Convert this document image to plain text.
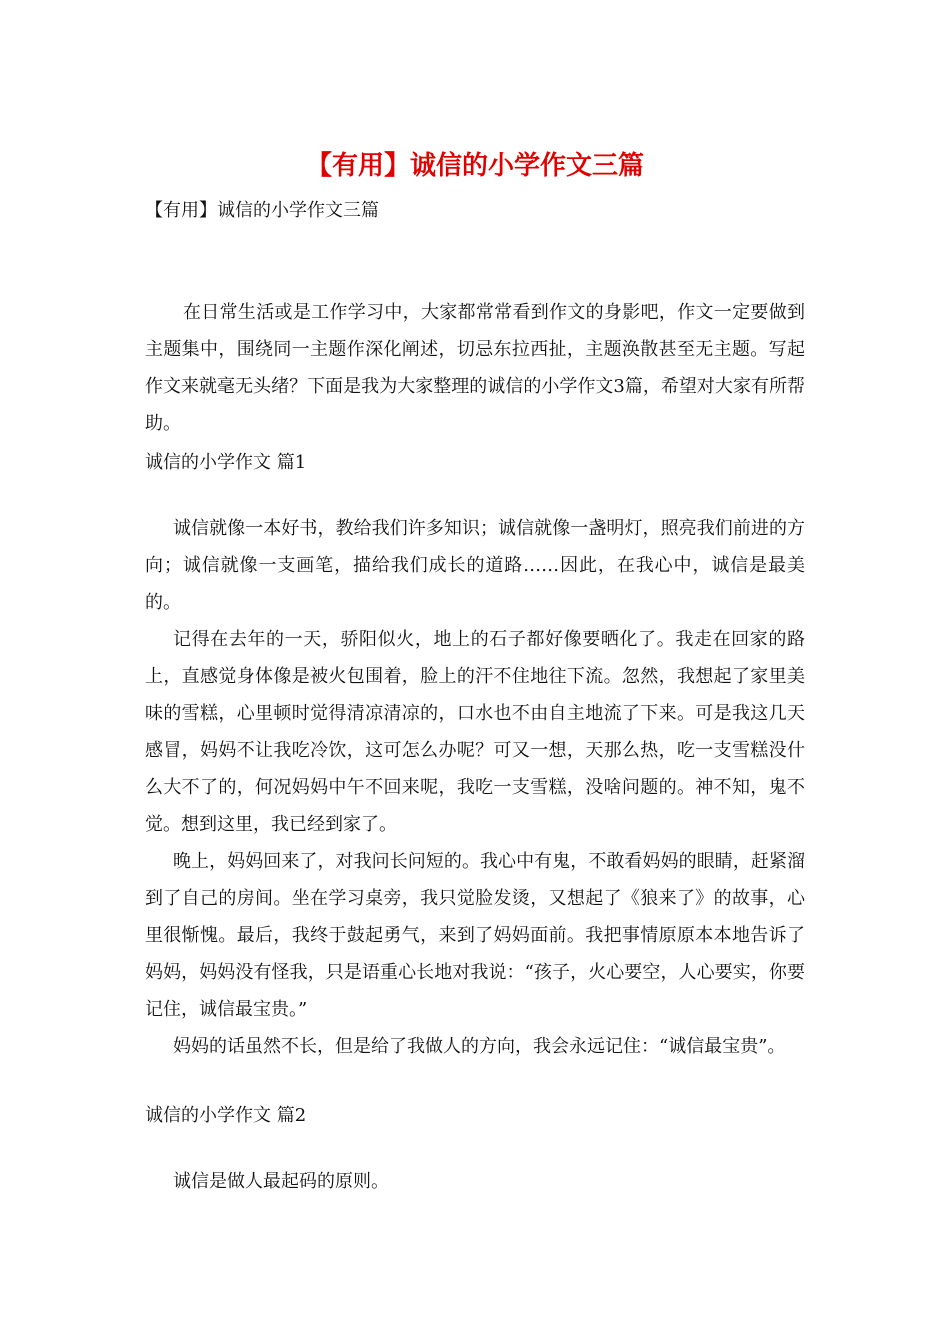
【有用】诚信的小学作文三篇
【有用】诚信的小学作文三篇

在日常生活或是工作学习中，大家都常常看到作文的身影吧，作文一定要做到主题集中，围绕同一主题作深化阐述，切忌东拉西扯，主题涣散甚至无主题。写起作文来就毫无头绪？下面是我为大家整理的诚信的小学作文3篇，希望对大家有所帮助。

诚信的小学作文 篇1

诚信就像一本好书，教给我们许多知识；诚信就像一盏明灯，照亮我们前进的方向；诚信就像一支画笔，描给我们成长的道路……因此，在我心中，诚信是最美的。

记得在去年的一天，骄阳似火，地上的石子都好像要晒化了。我走在回家的路上，直感觉身体像是被火包围着，脸上的汗不住地往下流。忽然，我想起了家里美味的雪糕，心里顿时觉得清凉清凉的，口水也不由自主地流了下来。可是我这几天感冒，妈妈不让我吃冷饮，这可怎么办呢？可又一想，天那么热，吃一支雪糕没什么大不了的，何况妈妈中午不回来呢，我吃一支雪糕，没啥问题的。神不知，鬼不觉。想到这里，我已经到家了。

晚上，妈妈回来了，对我问长问短的。我心中有鬼，不敢看妈妈的眼睛，赶紧溜到了自己的房间。坐在学习桌旁，我只觉脸发烫，又想起了《狼来了》的故事，心里很惭愧。最后，我终于鼓起勇气，来到了妈妈面前。我把事情原原本本地告诉了妈妈，妈妈没有怪我，只是语重心长地对我说：“孩子，火心要空，人心要实，你要记住，诚信最宝贵。”

妈妈的话虽然不长，但是给了我做人的方向，我会永远记住：“诚信最宝贵”。

诚信的小学作文 篇2

诚信是做人最起码的原则。
